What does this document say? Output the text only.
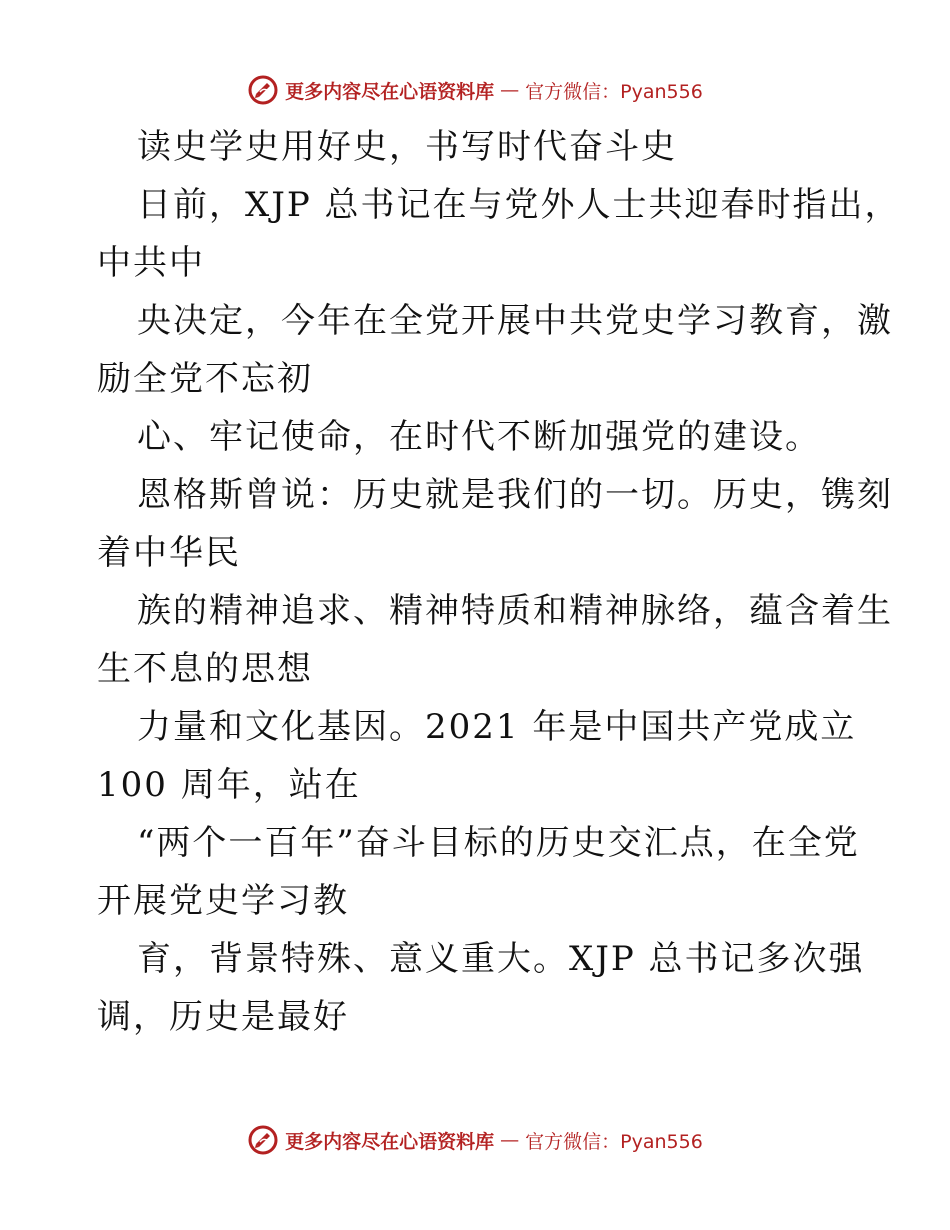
更多内容尽在心语资料库 — 官方微信：Pyan556
读史学史用好史，书写时代奋斗史
日前，XJP 总书记在与党外人士共迎春时指出，
中共中
央决定，今年在全党开展中共党史学习教育，激
励全党不忘初
心、牢记使命，在时代不断加强党的建设。
恩格斯曾说：历史就是我们的一切。历史，镌刻
着中华民
族的精神追求、精神特质和精神脉络，蕴含着生
生不息的思想
力量和文化基因。2021 年是中国共产党成立
100 周年，站在
“两个一百年”奋斗目标的历史交汇点，在全党
开展党史学习教
育，背景特殊、意义重大。XJP 总书记多次强
调，历史是最好
更多内容尽在心语资料库 — 官方微信：Pyan556
